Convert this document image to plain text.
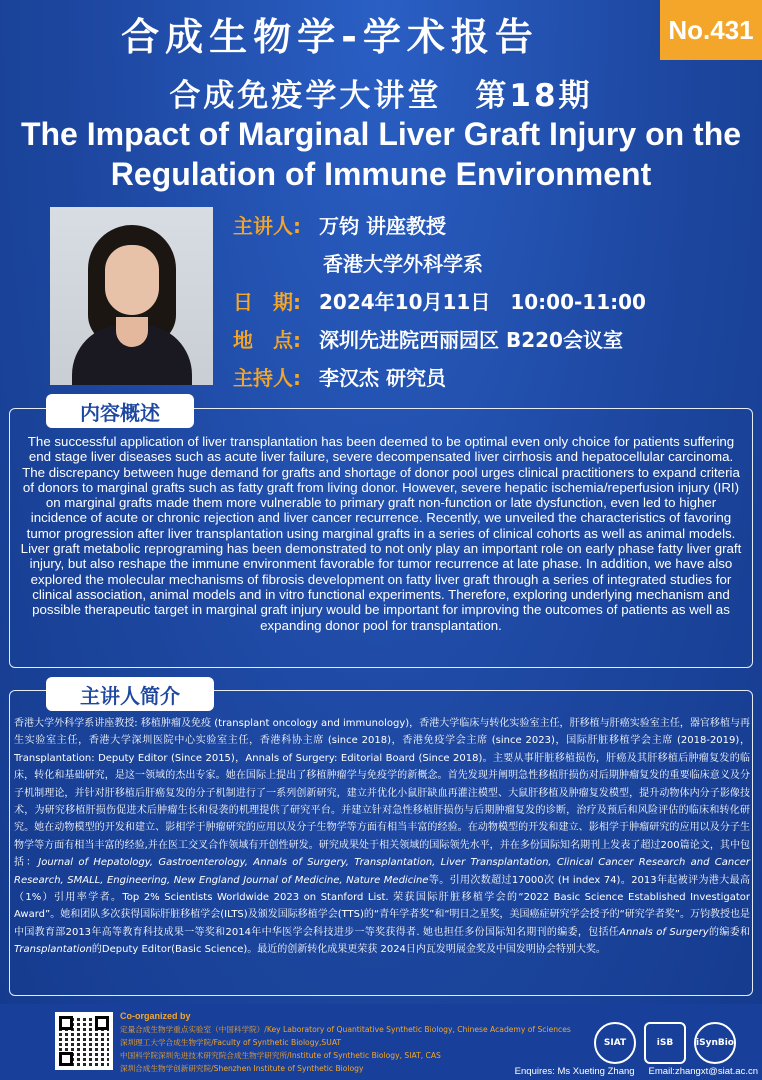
合成生物学-学术报告	No.431
合成免疫学大讲堂　第18期
The Impact of Marginal Liver Graft Injury on the Regulation of Immune Environment
主讲人: 万钧 讲座教授
香港大学外科学系
日　期: 2024年10月11日　10:00-11:00
地　点: 深圳先进院西丽园区 B220会议室
主持人: 李汉杰 研究员
内容概述
The successful application of liver transplantation has been deemed to be optimal even only choice for patients suffering end stage liver diseases such as acute liver failure, severe decompensated liver cirrhosis and hepatocellular carcinoma. The discrepancy between huge demand for grafts and shortage of donor pool urges clinical practitioners to expand criteria of donors to marginal grafts such as fatty graft from living donor. However, severe hepatic ischemia/reperfusion injury (IRI) on marginal grafts made them more vulnerable to primary graft non-function or late dysfunction, even led to higher incidence of acute or chronic rejection and liver cancer recurrence. Recently, we unveiled the characteristics of favoring tumor progression after liver transplantation using marginal grafts in a series of clinical cohorts as well as animal models. Liver graft metabolic reprograming has been demonstrated to not only play an important role on early phase fatty liver graft injury, but also reshape the immune environment favorable for tumor recurrence at late phase. In addition, we have also explored the molecular mechanisms of fibrosis development on fatty liver graft through a series of integrated studies for clinical association, animal models and in vitro functional experiments. Therefore, exploring underlying mechanism and possible therapeutic target in marginal graft injury would be important for improving the outcomes of patients as well as expanding donor pool for transplantation.
主讲人简介
香港大学外科学系讲座教授: 移植肿瘤及免疫 (transplant oncology and immunology)，香港大学临床与转化实验室主任，肝移植与肝癌实验室主任，器官移植与再生实验室主任，香港大学深圳医院中心实验室主任，香港科协主席 (since 2018)，香港免疫学会主席 (since 2023)，国际肝脏移植学会主席 (2018-2019)，Transplantation: Deputy Editor (Since 2015)，Annals of Surgery: Editorial Board (Since 2018)。主要从事肝脏移植损伤，肝癌及其肝移植后肿瘤复发的临床，转化和基础研究，是这一领域的杰出专家。她在国际上提出了移植肿瘤学与免疫学的新概念。首先发现并阐明急性移植肝损伤对后期肿瘤复发的重要临床意义及分子机制理论，并针对肝移植后肝癌复发的分子机制进行了一系列创新研究，建立并优化小鼠肝缺血再灌注模型、大鼠肝移植及肿瘤复发模型，提升动物体内分子影像技术，为研究移植肝损伤促进术后肿瘤生长和侵袭的机理提供了研究平台。并建立针对急性移植肝损伤与后期肿瘤复发的诊断，治疗及预后和风险评估的临床和转化研究。她在动物模型的开发和建立、影相学于肿瘤研究的应用以及分子生物学等方面有相当丰富的经验。在动物模型的开发和建立、影相学于肿瘤研究的应用以及分子生物学等方面有相当丰富的经验,并在医工交叉合作领域有开创性研发。研究成果处于相关领域的国际领先水平，并在多份国际知名期刊上发表了超过200篇论文，其中包括：Journal of Hepatology, Gastroenterology, Annals of Surgery, Transplantation, Liver Transplantation, Clinical Cancer Research and Cancer Research, SMALL, Engineering, New England Journal of Medicine, Nature Medicine等。引用次数超过17000次 (H index 74)。2013年起被评为港大最高（1%）引用率学者。Top 2% Scientists Worldwide 2023 on Stanford List. 荣获国际肝脏移植学会的“2022 Basic Science Established Investigator Award”。她和团队多次获得国际肝脏移植学会(ILTS)及颁发国际移植学会(TTS)的“青年学者奖”和“明日之星奖，美国癌症研究学会授予的“研究学者奖”。万钧教授也是中国教育部2013年高等教育科技成果一等奖和2014年中华医学会科技进步一等奖获得者. 她也担任多份国际知名期刊的编委，包括任Annals of Surgery的编委和Transplantation的Deputy Editor(Basic Science)。最近的创新转化成果更荣获 2024日内瓦发明展金奖及中国发明协会特别大奖。
Co-organized by
定量合成生物学重点实验室（中国科学院）/Key Laboratory of Quantitative Synthetic Biology, Chinese Academy of Sciences
深圳理工大学合成生物学院/Faculty of Synthetic Biology,SUAT
中国科学院深圳先进技术研究院合成生物学研究所/Institute of Synthetic Biology, SIAT, CAS
深圳合成生物学创新研究院/Shenzhen Institute of Synthetic Biology
SIAT	iSB	iSynBio
Enquires: Ms Xueting Zhang Email:zhangxt@siat.ac.cn
